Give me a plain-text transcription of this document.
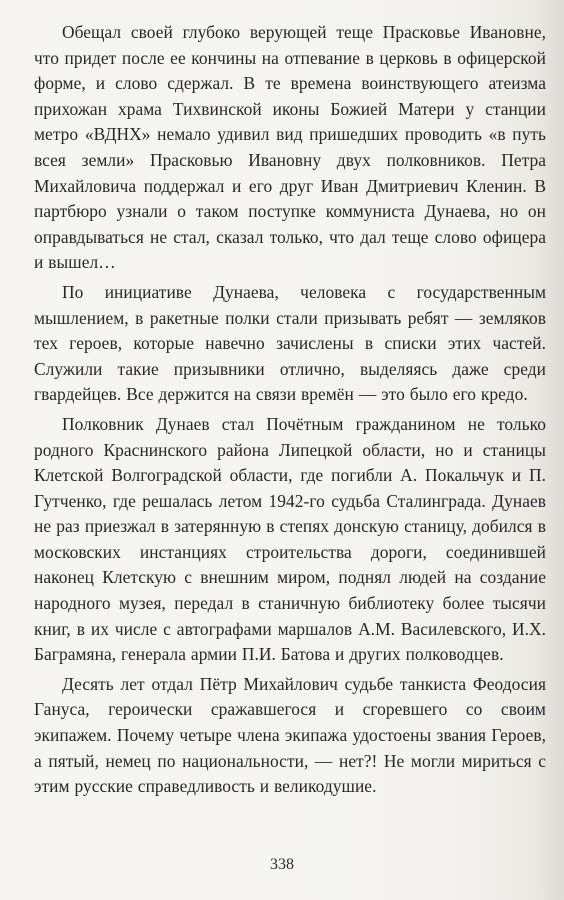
Обещал своей глубоко верующей теще Прасковье Ивановне, что придет после ее кончины на отпевание в церковь в офицерской форме, и слово сдержал. В те времена воинствующего атеизма прихожан храма Тихвинской иконы Божией Матери у станции метро «ВДНХ» немало удивил вид пришедших проводить «в путь всея земли» Прасковью Ивановну двух полковников. Петра Михайловича поддержал и его друг Иван Дмитриевич Кленин. В партбюро узнали о таком поступке коммуниста Дунаева, но он оправдываться не стал, сказал только, что дал теще слово офицера и вышел…

По инициативе Дунаева, человека с государственным мышлением, в ракетные полки стали призывать ребят — земляков тех героев, которые навечно зачислены в списки этих частей. Служили такие призывники отлично, выделяясь даже среди гвардейцев. Все держится на связи времён — это было его кредо.

Полковник Дунаев стал Почётным гражданином не только родного Краснинского района Липецкой области, но и станицы Клетской Волгоградской области, где погибли А. Покальчук и П. Гутченко, где решалась летом 1942-го судьба Сталинграда. Дунаев не раз приезжал в затерянную в степях донскую станицу, добился в московских инстанциях строительства дороги, соединившей наконец Клетскую с внешним миром, поднял людей на создание народного музея, передал в станичную библиотеку более тысячи книг, в их числе с автографами маршалов А.М. Василевского, И.Х. Баграмяна, генерала армии П.И. Батова и других полководцев.

Десять лет отдал Пётр Михайлович судьбе танкиста Феодосия Гануса, героически сражавшегося и сгоревшего со своим экипажем. Почему четыре члена экипажа удостоены звания Героев, а пятый, немец по национальности, — нет?! Не могли мириться с этим русские справедливость и великодушие.

338
